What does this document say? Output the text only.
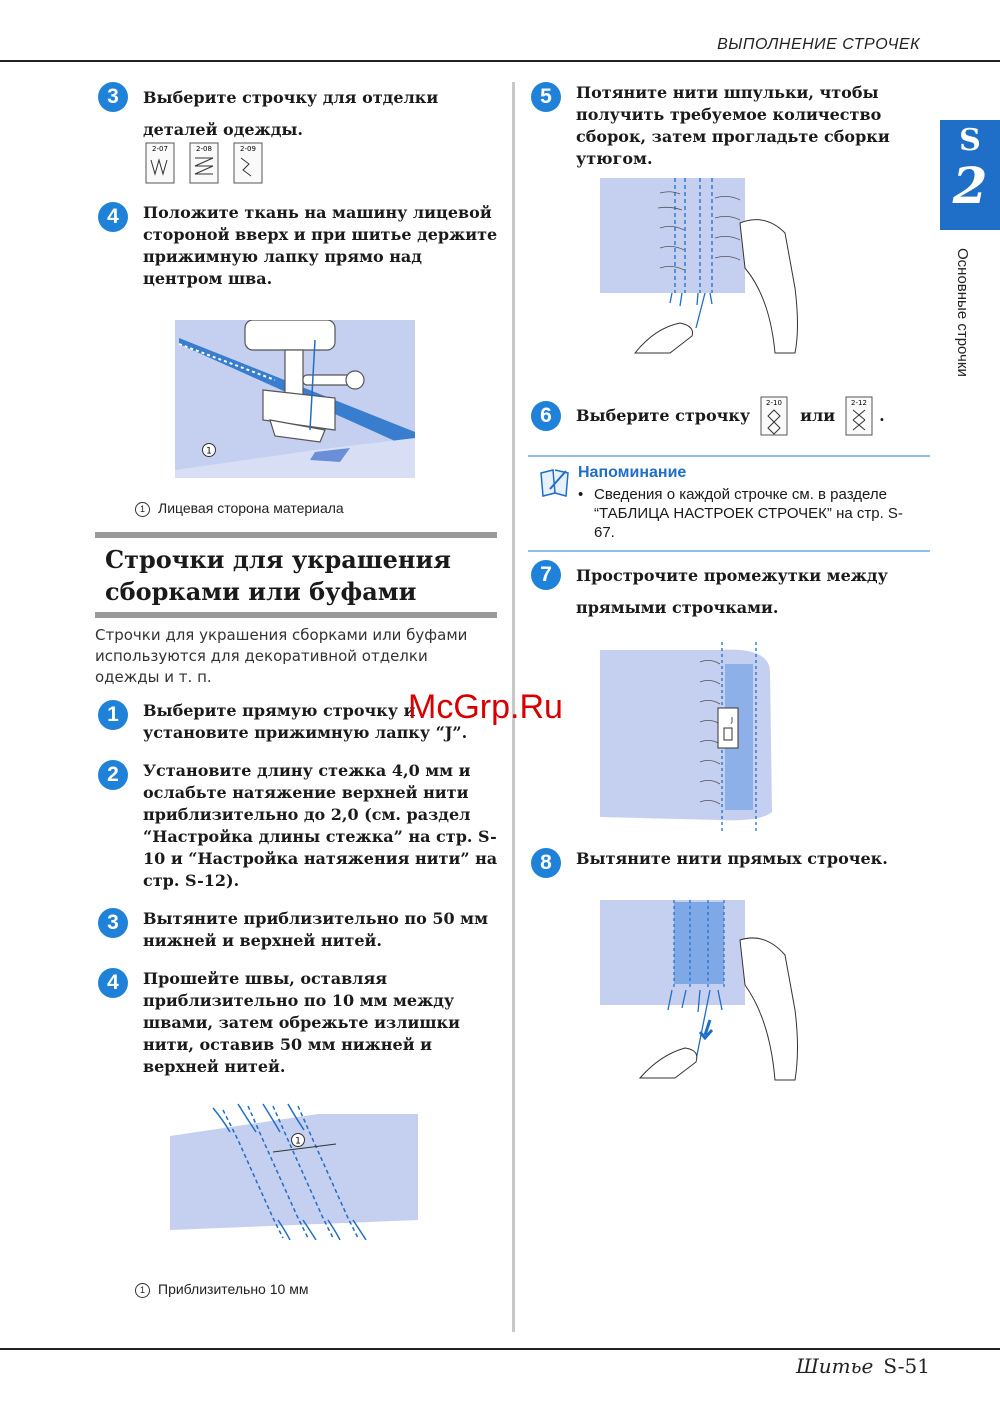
ВЫПОЛНЕНИЕ СТРОЧЕК
S
2
Основные строчки
3	Выберите строчку для отделки деталей одежды.
2-07	2-08	2-09
4	Положите ткань на машину лицевой стороной вверх и при шитье держите прижимную лапку прямо над центром шва.
1
1 Лицевая сторона материала
Строчки для украшения сборками или буфами
Строчки для украшения сборками или буфами используются для декоративной отделки одежды и т. п.
1	Выберите прямую строчку и установите прижимную лапку “J”.
2	Установите длину стежка 4,0 мм и ослабьте натяжение верхней нити приблизительно до 2,0 (см. раздел “Настройка длины стежка” на стр. S-10 и “Настройка натяжения нити” на стр. S-12).
3	Вытяните приблизительно по 50 мм нижней и верхней нитей.
4	Прошейте швы, оставляя приблизительно по 10 мм между швами, затем обрежьте излишки нити, оставив 50 мм нижней и верхней нитей.
1
1 Приблизительно 10 мм
5	Потяните нити шпульки, чтобы получить требуемое количество сборок, затем прогладьте сборки утюгом.
6	Выберите строчку
2-10
или
2-12
.
Напоминание
• Сведения о каждой строчке см. в разделе “ТАБЛИЦА НАСТРОЕК СТРОЧЕК” на стр. S-67.
7	Прострочите промежутки между прямыми строчками.
J
8	Вытяните нити прямых строчек.
McGrp.Ru
Шитье S-51
